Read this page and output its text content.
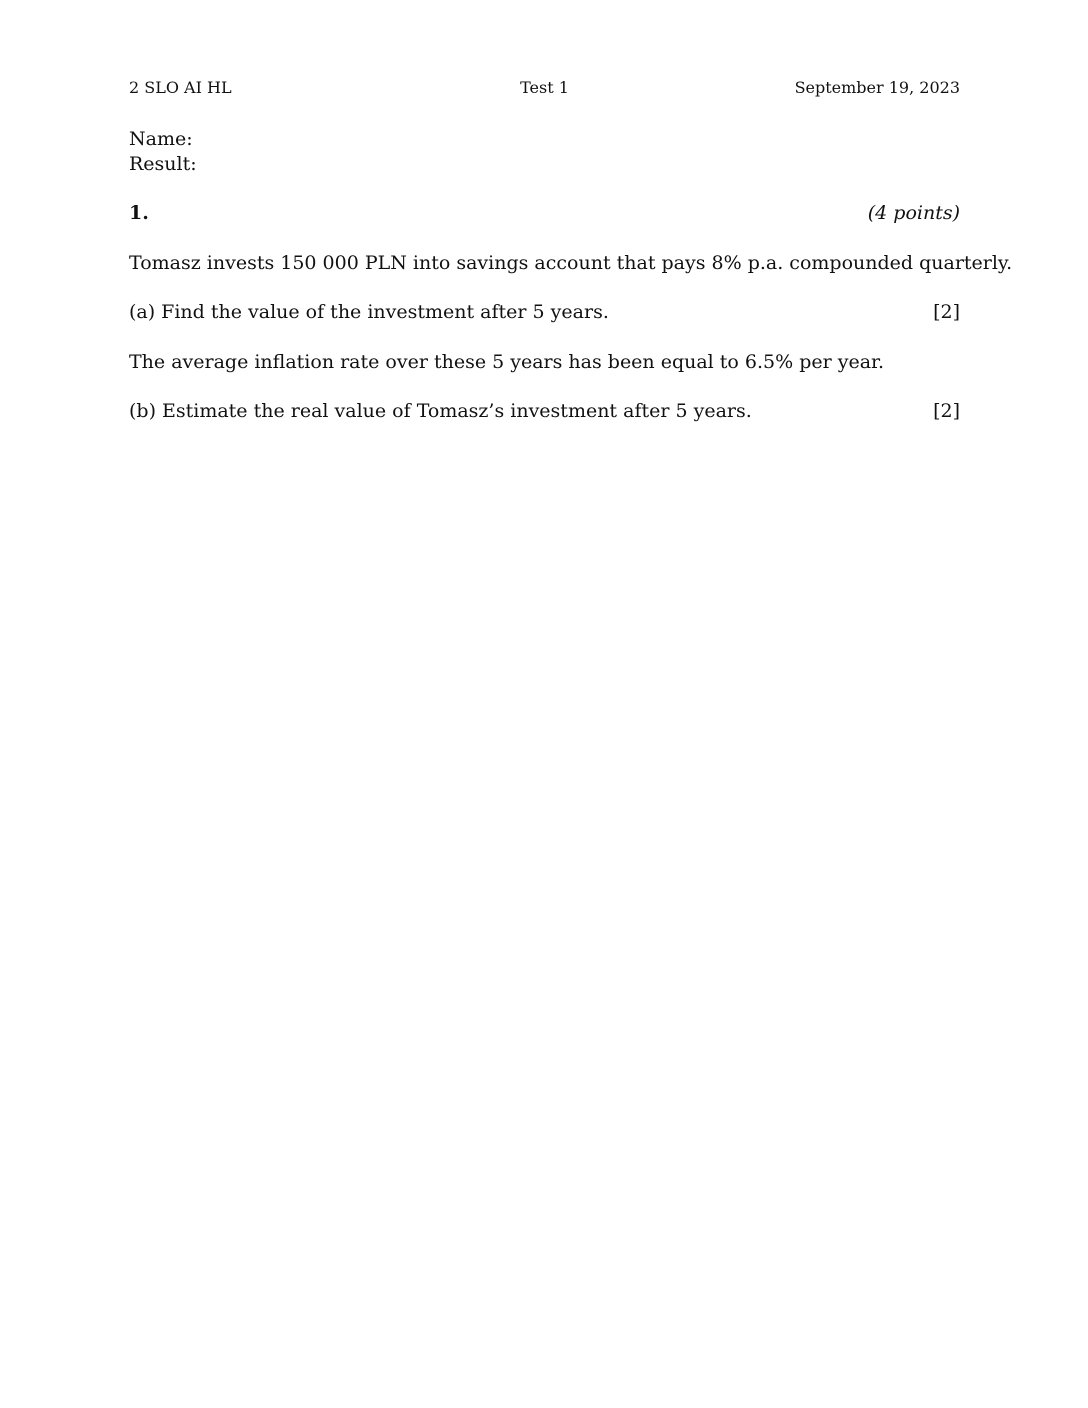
2 SLO AI HL	Test 1	September 19, 2023
Name:
Result:
1.	(4 points)
Tomasz invests 150 000 PLN into savings account that pays 8% p.a. compounded quarterly.
(a) Find the value of the investment after 5 years.	[2]
The average inflation rate over these 5 years has been equal to 6.5% per year.
(b) Estimate the real value of Tomasz’s investment after 5 years.	[2]
